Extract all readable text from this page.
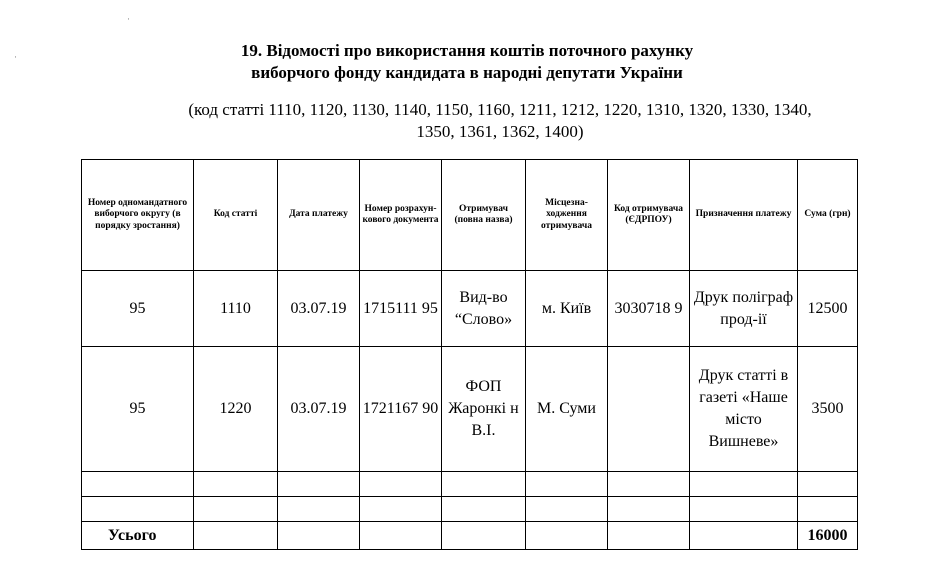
·
·
19. Відомості про використання коштів поточного рахунку
виборчого фонду кандидата в народні депутати України
(код статті 1110, 1120, 1130, 1140, 1150, 1160, 1211, 1212, 1220, 1310, 1320, 1330, 1340,
1350, 1361, 1362, 1400)
Номер одномандатного виборчого округу (в порядку зростання)	Код статті	Дата платежу	Номер розрахун-кового документа	Отримувач (повна назва)	Місцезна-ходження отримувача	Код отримувача (ЄДРПОУ)	Призначення платежу	Сума (грн)
95	1110	03.07.19	1715111 95	Вид-во “Слово»	м. Київ	3030718 9	Друк поліграф прод-ії	12500
95	1220	03.07.19	1721167 90	ФОП Жаронкі н В.І.	М. Суми		Друк статті в газеті «Наше місто Вишневе»	3500

Усього								16000
